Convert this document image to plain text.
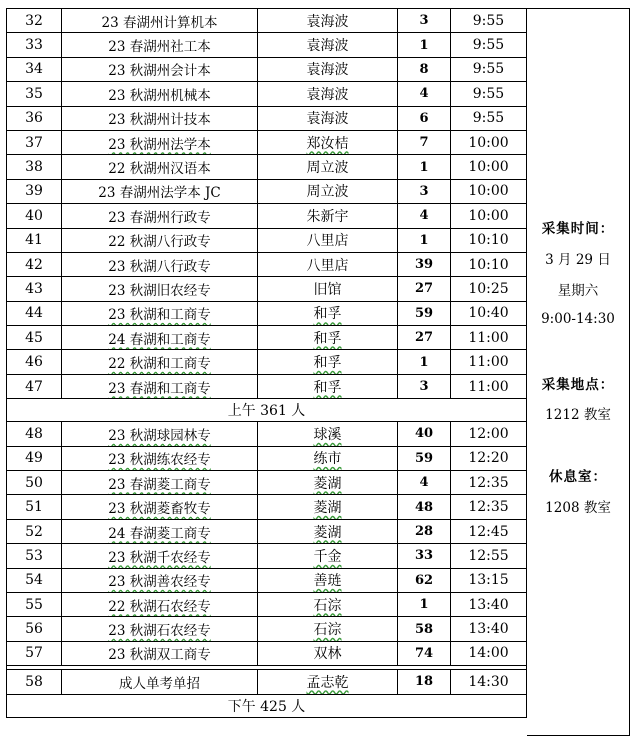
32	23 春湖州计算机本	袁海波	3	9:55
33	23 春湖州社工本	袁海波	1	9:55
34	23 秋湖州会计本	袁海波	8	9:55
35	23 秋湖州机械本	袁海波	4	9:55
36	23 秋湖州计技本	袁海波	6	9:55
37	23 秋湖州法学本	郑汝桔	7	10:00
38	22 秋湖州汉语本	周立波	1	10:00
39	23 春湖州法学本 JC	周立波	3	10:00
40	23 春湖州行政专	朱新宇	4	10:00
41	22 秋湖八行政专	八里店	1	10:10
42	23 秋湖八行政专	八里店	39	10:10
43	23 秋湖旧农经专	旧馆	27	10:25
44	23 秋湖和工商专	和孚	59	10:40
45	24 春湖和工商专	和孚	27	11:00
46	22 秋湖和工商专	和孚	1	11:00
47	23 春湖和工商专	和孚	3	11:00
上午 361 人				
48	23 秋湖球园林专	球溪	40	12:00
49	23 秋湖练农经专	练市	59	12:20
50	23 春湖菱工商专	菱湖	4	12:35
51	23 秋湖菱畜牧专	菱湖	48	12:35
52	24 春湖菱工商专	菱湖	28	12:45
53	23 秋湖千农经专	千金	33	12:55
54	23 秋湖善农经专	善琏	62	13:15
55	22 秋湖石农经专	石淙	1	13:40
56	23 秋湖石农经专	石淙	58	13:40
57	23 秋湖双工商专	双林	74	14:00

58	成人单考单招	孟志乾	18	14:30
下午 425 人				
采集时间：
3 月 29 日
星期六
9:00-14:30
采集地点：
1212 教室
休息室：
1208 教室
